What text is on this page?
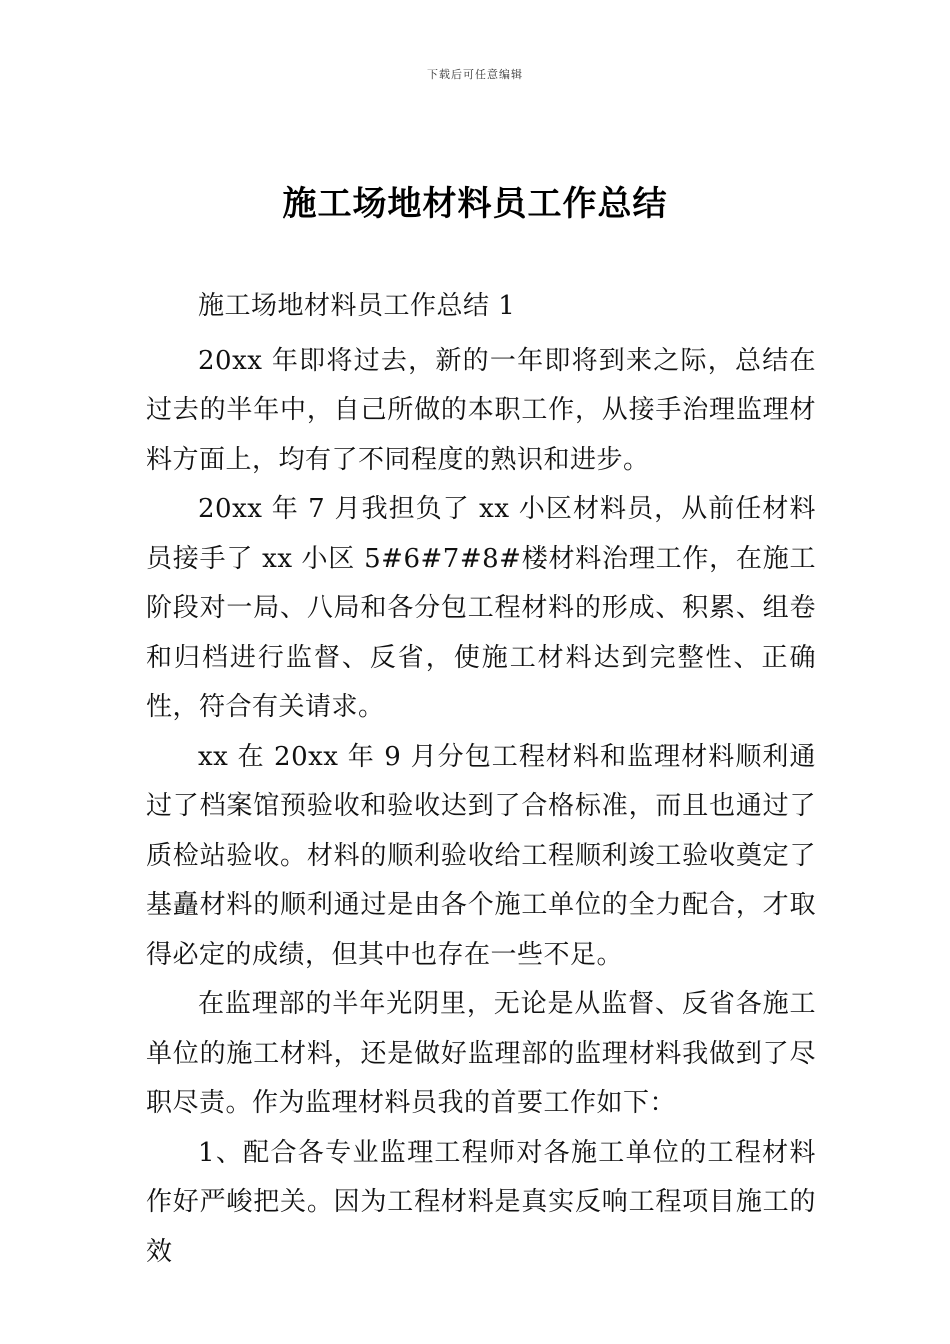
下载后可任意编辑
施工场地材料员工作总结

施工场地材料员工作总结 1

20xx 年即将过去，新的一年即将到来之际，总结在过去的半年中，自己所做的本职工作，从接手治理监理材料方面上，均有了不同程度的熟识和进步。

20xx 年 7 月我担负了 xx 小区材料员，从前任材料员接手了 xx 小区 5#6#7#8#楼材料治理工作，在施工阶段对一局、八局和各分包工程材料的形成、积累、组卷和归档进行监督、反省，使施工材料达到完整性、正确性，符合有关请求。

xx 在 20xx 年 9 月分包工程材料和监理材料顺利通过了档案馆预验收和验收达到了合格标准，而且也通过了质检站验收。材料的顺利验收给工程顺利竣工验收奠定了基矗材料的顺利通过是由各个施工单位的全力配合，才取得必定的成绩，但其中也存在一些不足。

在监理部的半年光阴里，无论是从监督、反省各施工单位的施工材料，还是做好监理部的监理材料我做到了尽职尽责。作为监理材料员我的首要工作如下：

1、配合各专业监理工程师对各施工单位的工程材料作好严峻把关。因为工程材料是真实反响工程项目施工的效
